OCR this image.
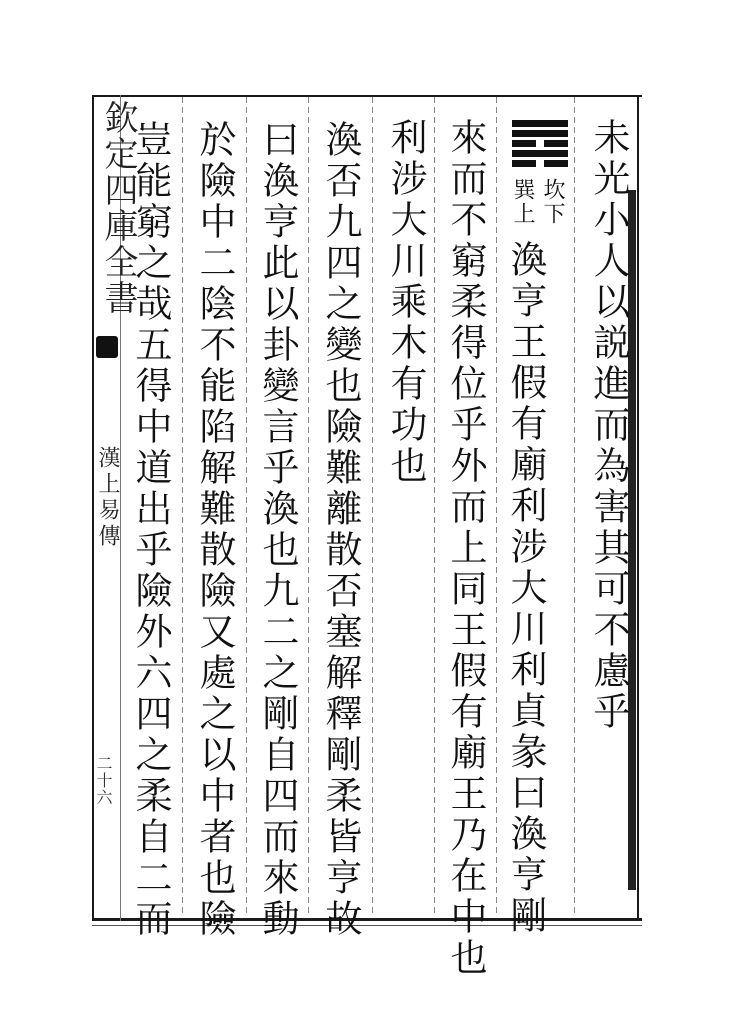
欽定四庫全書
漢上易傳
二十六
未光小人以説進而為害其可不慮乎
坎下
巽上
渙亨王假有廟利涉大川利貞彖曰渙亨剛
來而不窮柔得位乎外而上同王假有廟王乃在中也
利涉大川乘木有功也
渙否九四之變也險難離散否塞解釋剛柔皆亨故
曰渙亨此以卦變言乎渙也九二之剛自四而來動
於險中二陰不能陷解難散險又處之以中者也險
豈能窮之哉五得中道出乎險外六四之柔自二而
